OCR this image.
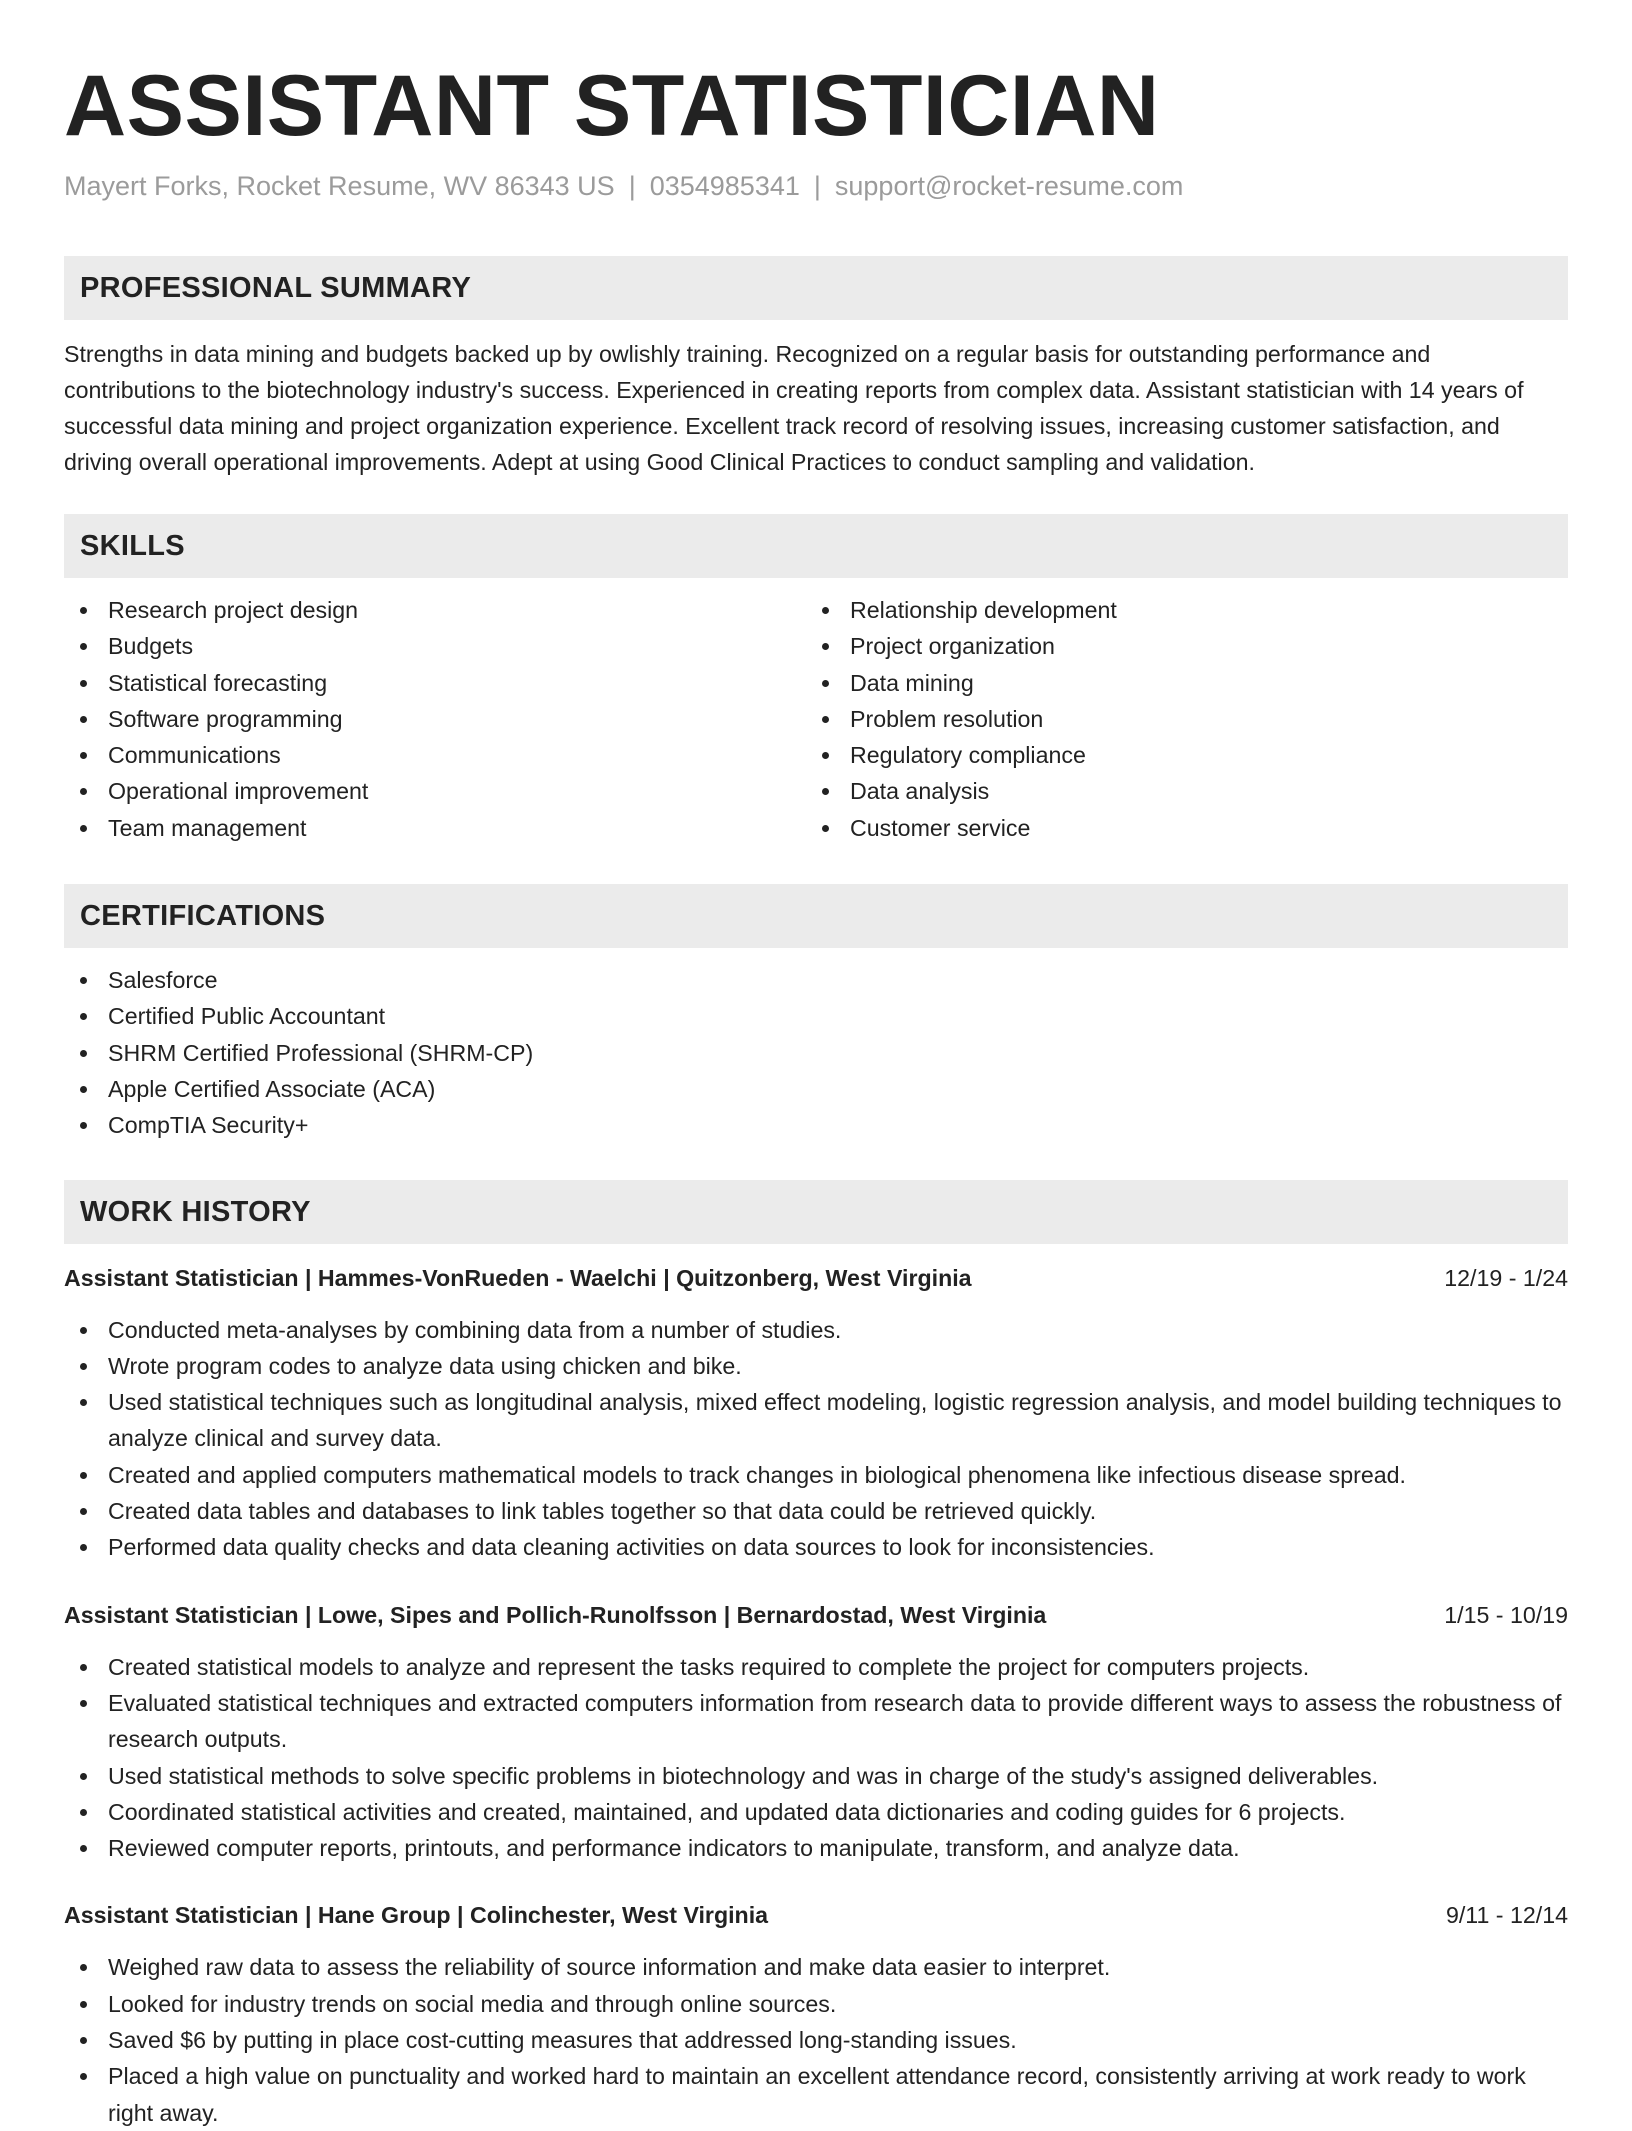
ASSISTANT STATISTICIAN
Mayert Forks, Rocket Resume, WV 86343 US | 0354985341 | support@rocket-resume.com
PROFESSIONAL SUMMARY

Strengths in data mining and budgets backed up by owlishly training. Recognized on a regular basis for outstanding performance and contributions to the biotechnology industry's success. Experienced in creating reports from complex data. Assistant statistician with 14 years of successful data mining and project organization experience. Excellent track record of resolving issues, increasing customer satisfaction, and driving overall operational improvements. Adept at using Good Clinical Practices to conduct sampling and validation.

SKILLS
Research project design
Budgets
Statistical forecasting
Software programming
Communications
Operational improvement
Team management
Relationship development
Project organization
Data mining
Problem resolution
Regulatory compliance
Data analysis
Customer service
CERTIFICATIONS
Salesforce
Certified Public Accountant
SHRM Certified Professional (SHRM-CP)
Apple Certified Associate (ACA)
CompTIA Security+
WORK HISTORY
Assistant Statistician | Hammes-VonRueden - Waelchi | Quitzonberg, West Virginia	12/19 - 1/24
Conducted meta-analyses by combining data from a number of studies.
Wrote program codes to analyze data using chicken and bike.
Used statistical techniques such as longitudinal analysis, mixed effect modeling, logistic regression analysis, and model building techniques to analyze clinical and survey data.
Created and applied computers mathematical models to track changes in biological phenomena like infectious disease spread.
Created data tables and databases to link tables together so that data could be retrieved quickly.
Performed data quality checks and data cleaning activities on data sources to look for inconsistencies.
Assistant Statistician | Lowe, Sipes and Pollich-Runolfsson | Bernardostad, West Virginia	1/15 - 10/19
Created statistical models to analyze and represent the tasks required to complete the project for computers projects.
Evaluated statistical techniques and extracted computers information from research data to provide different ways to assess the robustness of research outputs.
Used statistical methods to solve specific problems in biotechnology and was in charge of the study's assigned deliverables.
Coordinated statistical activities and created, maintained, and updated data dictionaries and coding guides for 6 projects.
Reviewed computer reports, printouts, and performance indicators to manipulate, transform, and analyze data.
Assistant Statistician | Hane Group | Colinchester, West Virginia	9/11 - 12/14
Weighed raw data to assess the reliability of source information and make data easier to interpret.
Looked for industry trends on social media and through online sources.
Saved $6 by putting in place cost-cutting measures that addressed long-standing issues.
Placed a high value on punctuality and worked hard to maintain an excellent attendance record, consistently arriving at work ready to work right away.
